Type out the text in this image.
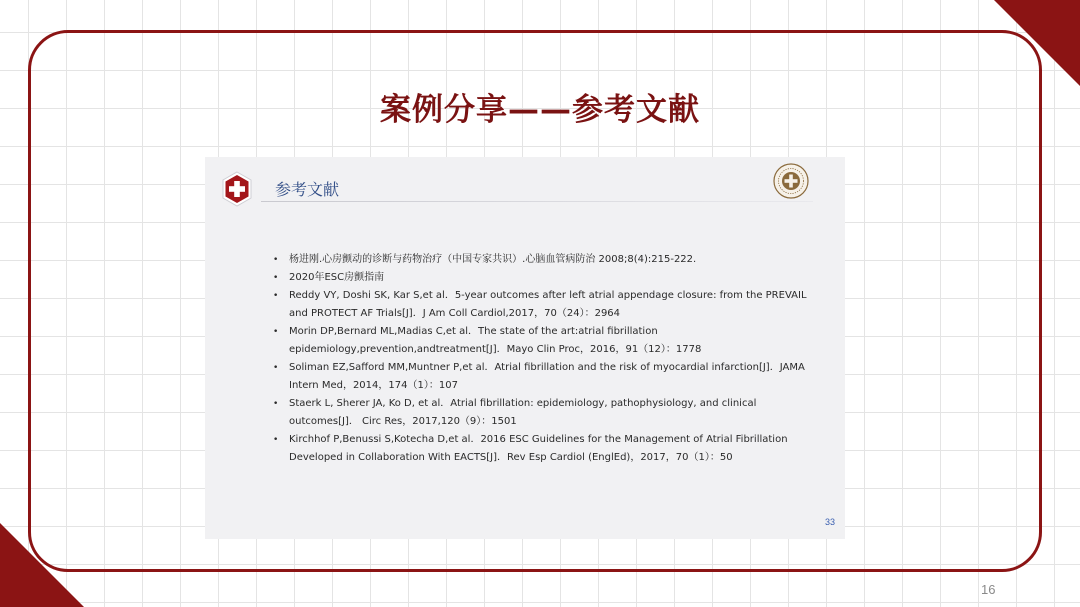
案例分享——参考文献
参考文献
• 杨进刚.心房颤动的诊断与药物治疗（中国专家共识）.心脑血管病防治 2008;8(4):215-222.
• 2020年ESC房颤指南
• Reddy VY, Doshi SK, Kar S,et al．5-year outcomes after left atrial appendage closure: from the PREVAIL and PROTECT AF Trials[J]．J Am Coll Cardiol,2017，70（24）：2964
• Morin DP,Bernard ML,Madias C,et al．The state of the art:atrial fibrillation epidemiology,prevention,andtreatment[J]．Mayo Clin Proc，2016，91（12）：1778
• Soliman EZ,Safford MM,Muntner P,et al．Atrial fibrillation and the risk of myocardial infarction[J]．JAMA Intern Med，2014，174（1）：107
• Staerk L, Sherer JA, Ko D, et al．Atrial fibrillation: epidemiology, pathophysiology, and clinical outcomes[J]． Circ Res，2017,120（9）：1501
• Kirchhof P,Benussi S,Kotecha D,et al．2016 ESC Guidelines for the Management of Atrial Fibrillation Developed in Collaboration With EACTS[J]．Rev Esp Cardiol (EnglEd)，2017，70（1）：50
33
16
